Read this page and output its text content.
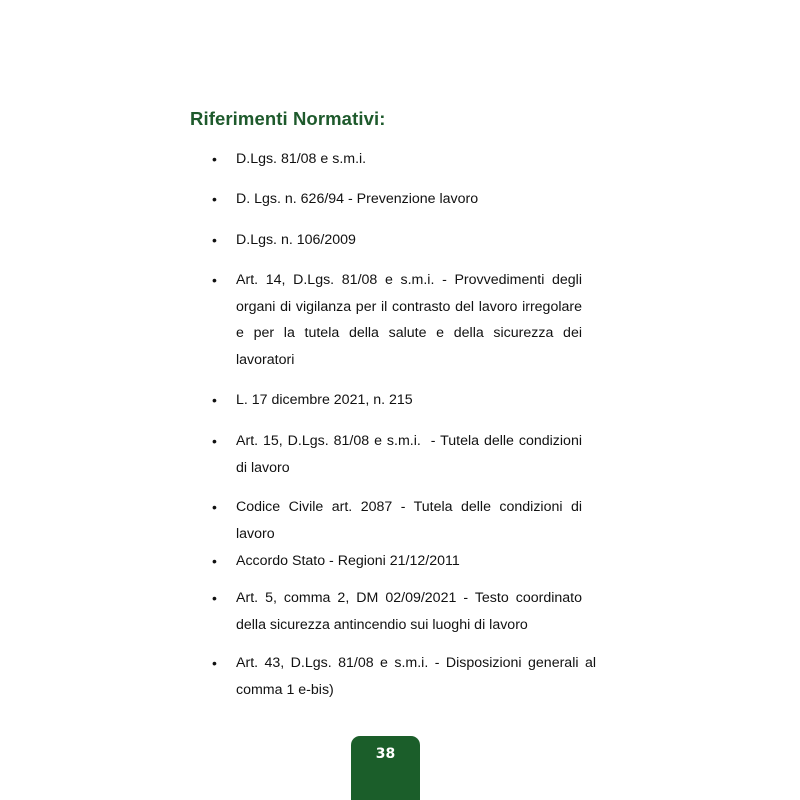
Riferimenti Normativi:
•	D.Lgs. 81/08 e s.m.i.
•	D. Lgs. n. 626/94 - Prevenzione lavoro
•	D.Lgs. n. 106/2009
•	Art. 14, D.Lgs. 81/08 e s.m.i. - Provvedimenti degli organi di vigilanza per il contrasto del lavoro irregolare e per la tutela della salute e della sicurezza dei lavoratori
•	L. 17 dicembre 2021, n. 215
•	Art. 15, D.Lgs. 81/08 e s.m.i.  - Tutela delle condizioni di lavoro
•	Codice Civile art. 2087 - Tutela delle condizioni di lavoro
•	Accordo Stato - Regioni 21/12/2011
•	Art. 5, comma 2, DM 02/09/2021 - Testo coordinato della sicurezza antincendio sui luoghi di lavoro
•	Art. 43, D.Lgs. 81/08 e s.m.i. - Disposizioni generali al comma 1 e-bis)
38
